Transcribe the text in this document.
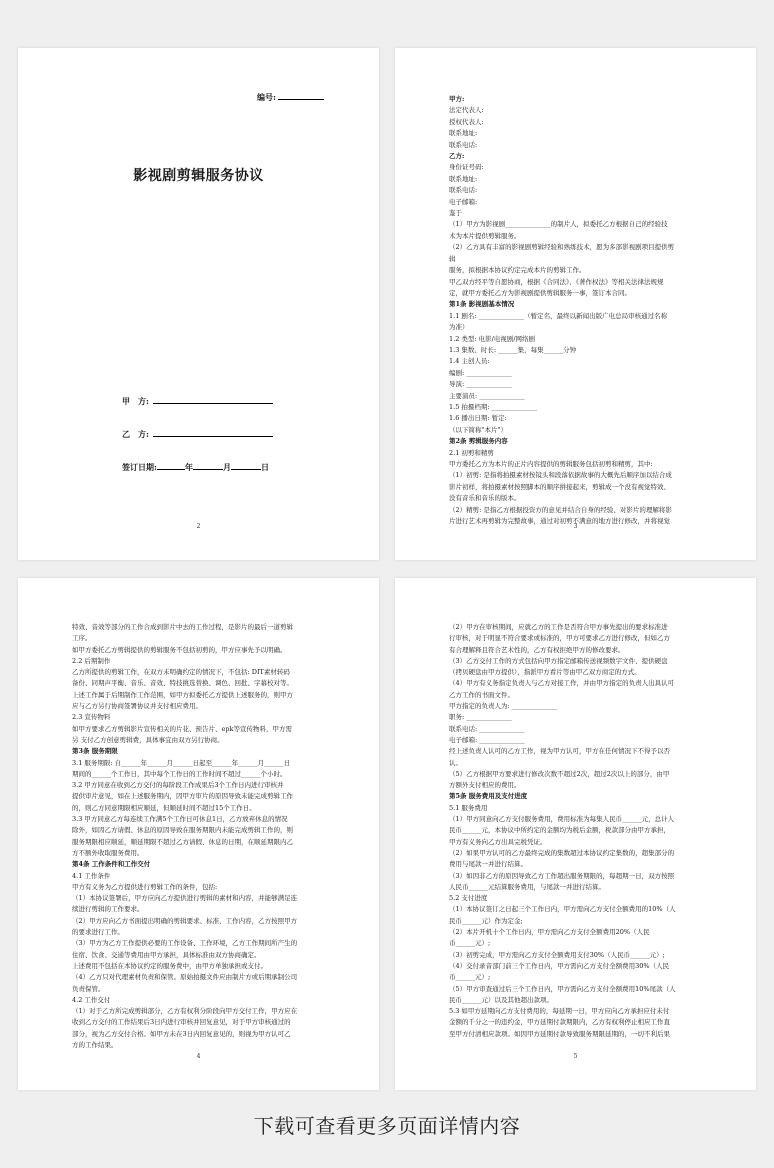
编号:
影视剧剪辑服务协议
甲　方:
乙　方:
签订日期:	年	月	日
2

甲方:

法定代表人:

授权代表人:

联系地址:

联系电话:

乙方:

身份证号码:

联系地址:

联系电话:

电子邮箱:

鉴于

（1）甲方为影视剧______________的制片人，拟委托乙方根据自己的经验技

术为本片提供剪辑服务。

（2）乙方具有丰富的影视剧剪辑经验和熟练技术，愿为多部影视剧项目提供剪

辑

服务，拟根据本协议约定完成本片的剪辑工作。

甲乙双方经平等自愿协商，根据《合同法》、《著作权法》等相关法律法规规

定，就甲方委托乙方为影视剧提供剪辑服务一事，签订本合同。

第1条 影视剧基本情况

1.1 剧名: ______________（暂定名，最终以新闻出版广电总局审核通过名称

为准）

1.2 类型: 电影/电视剧/网络剧

1.3 集数、时长: ______集，每集______分钟

1.4 主创人员:

编剧: ______________

导演: ______________

主要演员: ______________

1.5 拍摄档期: ______________

1.6 播出日期: 暂定:

（以下简称"本片"）

第2条 剪辑服务内容

2.1 初剪和精剪

甲方委托乙方为本片的正片内容提供的剪辑服务包括初剪和精剪，其中:

（1）初剪: 是指将拍摄素材按镜头和段落依据故事的大概先后顺序加以结合成

影片初样，将拍摄素材按照脚本的顺序拼接起来，剪辑成一个没有视觉特效、

没有音乐和音乐的版本。

（2）精剪: 是指乙方根据投资方的意见并结合自身的经验、对影片的理解将影

片进行艺术再剪辑为完整故事，通过对初剪不满意的地方进行修改，并将视觉

3

特效、音效等部分的工作合成到影片中去的工作过程，是影片的最后一道剪辑

工序。

如甲方委托乙方剪辑提供的剪辑服务不包括初剪的，甲方应事先予以明确。

2.2 后期制作

乙方所提供的剪辑工作，在双方未明确约定的情况下，不包括: DIT素材转码

备份、同期声平衡、音乐、音效、特技挑选替换、调色、回批、字幕校对等。

上述工作属于后期制作工作范围，如甲方拟委托乙方提供上述服务的，则甲方

应与乙方另行协商签署协议并支付相应费用。

2.3 宣传物料

如甲方要求乙方剪辑影片宣传相关的片花、预告片、epk等宣传物料，甲方需

另 支付乙方创意剪辑费，具体事宜由双方另行协商。

第3条 服务期限

3.1 服务期限: 自______年______月______日起至______年______月______日

期间的______个工作日，其中每个工作日的工作时间不超过______个小时。

3.2 甲方同意在收到乙方交付的每阶段工作成果后3个工作日内进行审核并

提供审片意见，如在上述服务期内，因甲方审片的原因导致未能完成剪辑工作

的，则乙方同意期限相应顺延，但顺延时间不超过15个工作日。

3.3 甲方同意乙方每连续工作满5个工作日可休息1日，乙方放弃休息的情况

除外，如因乙方请假、休息的原因导致在服务期限内未能完成剪辑工作的，则

服务期限相应顺延，顺延期限不超过乙方请假、休息的日期，在顺延期限内乙

方不额外收取服务费用。

第4条 工作条件和工作交付

4.1 工作条件

甲方有义务为乙方提供进行剪辑工作的条件，包括:

（1）本协议签署后，甲方应向乙方提供进行剪辑的素材和内容，并能够满足连

续进行剪辑的工作要求。

（2）甲方应向乙方书面提出明确的剪辑要求、标准、工作内容，乙方按照甲方

的要求进行工作。

（3）甲方为乙方工作提供必要的工作设备、工作环境，乙方工作期间所产生的

住宿、饮食、交通等费用由甲方承担，具体标准由双方协商确定。

上述费用不包括在本协议约定的服务费中，由甲方单独承担或支付。

（4）乙方只对代理素材负责和保管。原始拍摄文件应由制片方或后期承制公司

负责保管。

4.2 工作交付

（1）对于乙方所完成剪辑部分，乙方有权利分阶段向甲方交付工作，甲方应在

收到乙方交付的工作结果后3日内进行审核并回复意见，对于甲方审核通过的

部分，视为乙方交付合格。如甲方未在3日内回复意见的，则视为甲方认可乙

方的工作结果。

4

（2）甲方在审核期间，应就乙方的工作是否符合甲方事先提出的要求标准进

行审核，对于明显不符合要求或标准的，甲方可要求乙方进行修改，但如乙方

有合理解释且符合艺术性的，乙方有权拒绝甲方的修改要求。

（3）乙方交付工作的方式包括向甲方指定邮箱传送视频数字文件、提供硬盘

（拷贝硬盘由甲方提供），指派甲方看片等由甲乙双方商定的方式。

（4）甲方有义务指定负责人与乙方对接工作，并由甲方指定的负责人出具认可

乙方工作的书面文件。

甲方指定的负责人为: ______________

职务: ______________

联系电话: ______________

电子邮箱: ______________

经上述负责人认可的乙方工作，视为甲方认可，甲方在任何情况下不得予以否

认。

（5）乙方根据甲方要求进行修改次数不超过2次，超过2次以上的部分，由甲

方额外支付相应的费用。

第5条 服务费用及支付进度

5.1 服务费用

（1）甲方同意向乙方支付服务费用，费用标准为每集人民币______元，总计人

民币______元，本协议中所约定的金额均为税后金额，税款部分由甲方承担，

甲方有义务向乙方出具完税凭证。

（2）如果甲方认可的乙方最终完成的集数超过本协议约定集数的，超集部分的

费用与尾款一并进行结算。

（3）如因非乙方的原因导致乙方工作超出服务期限的，每超期一日，双方按照

人民币______元结算服务费用，与尾款一并进行结算。

5.2 支付进度

（1）本协议签订之日起三个工作日内，甲方需向乙方支付全额费用的10%（人

民币______元）作为定金;

（2）本片开机十个工作日内，甲方需向乙方支付全额费用20%（人民

币______元）;

（3）初剪完成，甲方需向乙方支付全额费用支付30%（人民币______元）;

（4）交付录音部门前三个工作日内，甲方需向乙方支付全额费用30%（人民

币______元）;

（5）甲方审查通过后三个工作日内，甲方需向乙方支付全额费用10%尾款（人

民币______元）以及其他超出款项。

5.3 如甲方延期向乙方支付费用的，每延期一日，甲方应向乙方承担应付未付

金额的千分之一的违约金，甲方延期付款期限内，乙方有权利停止相应工作直

至甲方付清相应款项。如因甲方延期付款导致服务期限延期的，一切不利后果

5
下载可查看更多页面详情内容
